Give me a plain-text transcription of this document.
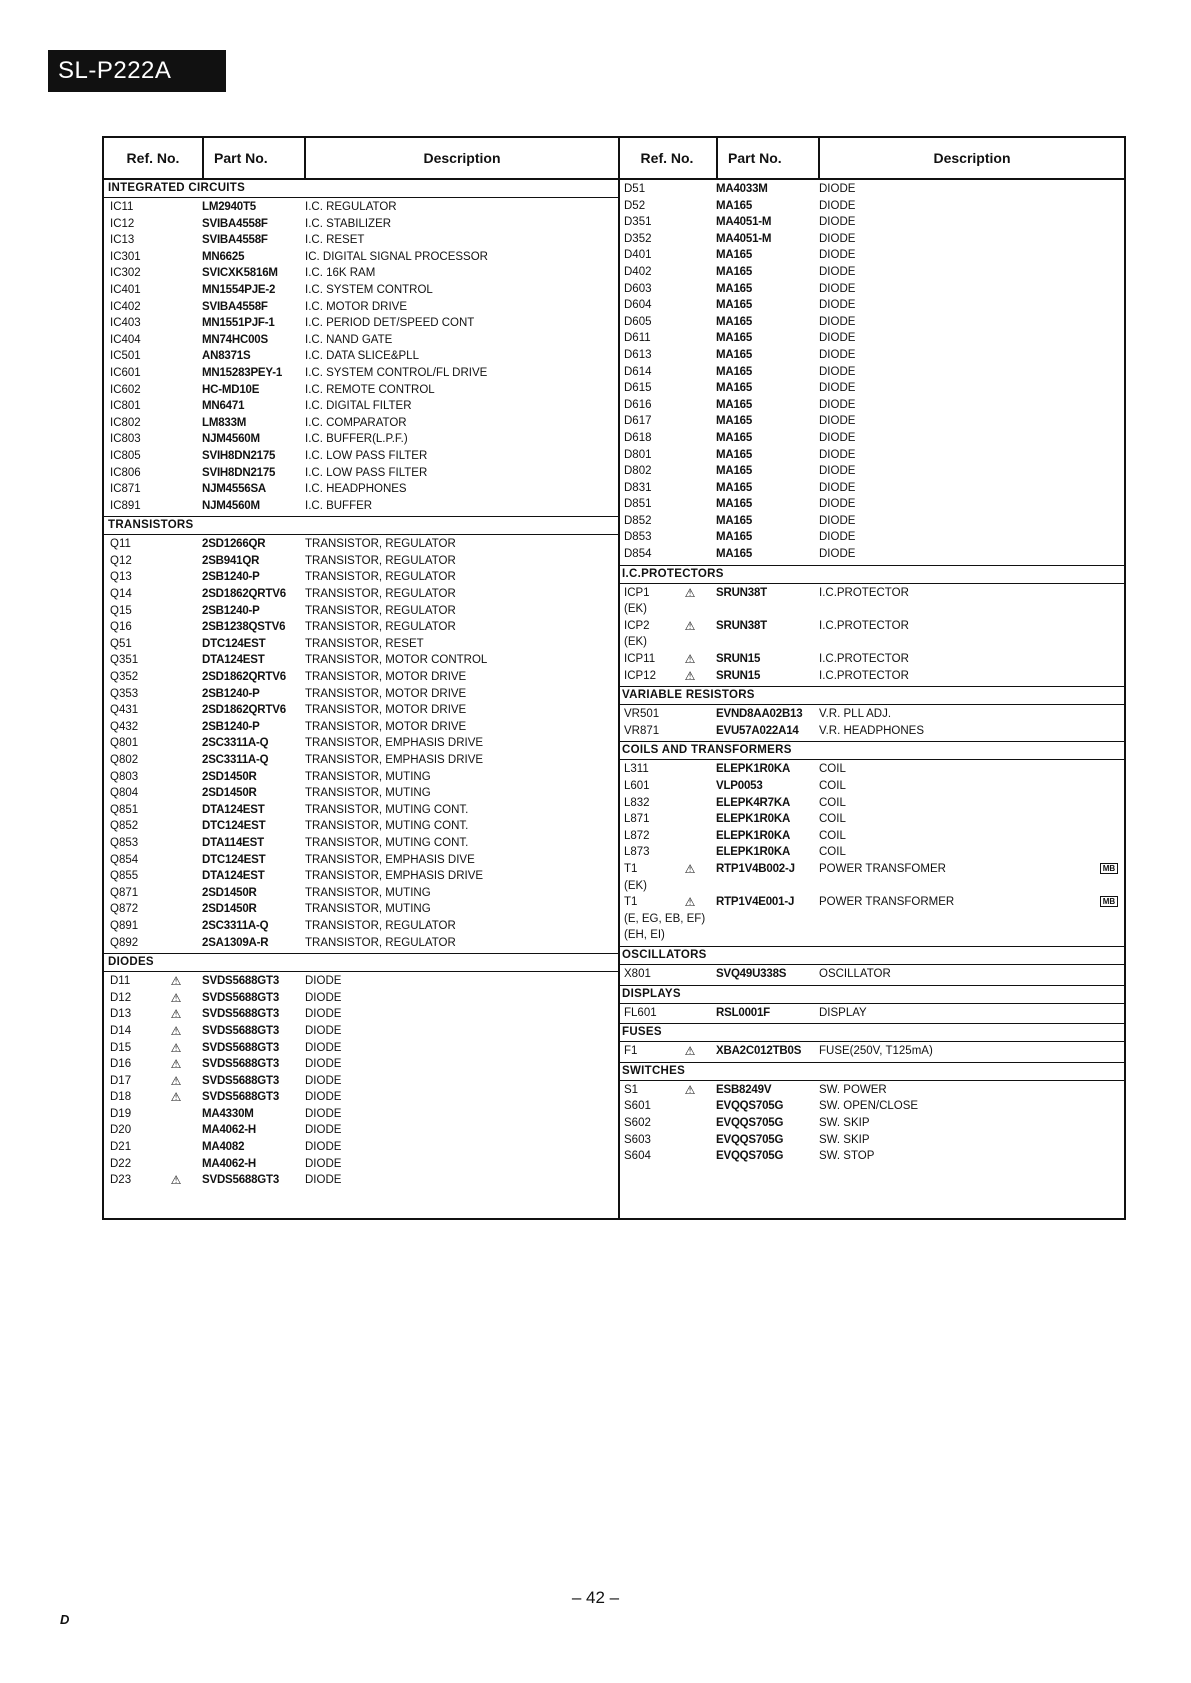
SL-P222A
Ref. No.	Part No.	Description
INTEGRATED CIRCUITS
IC11	LM2940T5	I.C. REGULATOR
IC12	SVIBA4558F	I.C. STABILIZER
IC13	SVIBA4558F	I.C. RESET
IC301	MN6625	IC. DIGITAL SIGNAL PROCESSOR
IC302	SVICXK5816M	I.C. 16K RAM
IC401	MN1554PJE-2	I.C. SYSTEM CONTROL
IC402	SVIBA4558F	I.C. MOTOR DRIVE
IC403	MN1551PJF-1	I.C. PERIOD DET/SPEED CONT
IC404	MN74HC00S	I.C. NAND GATE
IC501	AN8371S	I.C. DATA SLICE&PLL
IC601	MN15283PEY-1	I.C. SYSTEM CONTROL/FL DRIVE
IC602	HC-MD10E	I.C. REMOTE CONTROL
IC801	MN6471	I.C. DIGITAL FILTER
IC802	LM833M	I.C. COMPARATOR
IC803	NJM4560M	I.C. BUFFER(L.P.F.)
IC805	SVIH8DN2175	I.C. LOW PASS FILTER
IC806	SVIH8DN2175	I.C. LOW PASS FILTER
IC871	NJM4556SA	I.C. HEADPHONES
IC891	NJM4560M	I.C. BUFFER
TRANSISTORS
Q11	2SD1266QR	TRANSISTOR, REGULATOR
Q12	2SB941QR	TRANSISTOR, REGULATOR
Q13	2SB1240-P	TRANSISTOR, REGULATOR
Q14	2SD1862QRTV6	TRANSISTOR, REGULATOR
Q15	2SB1240-P	TRANSISTOR, REGULATOR
Q16	2SB1238QSTV6	TRANSISTOR, REGULATOR
Q51	DTC124EST	TRANSISTOR, RESET
Q351	DTA124EST	TRANSISTOR, MOTOR CONTROL
Q352	2SD1862QRTV6	TRANSISTOR, MOTOR DRIVE
Q353	2SB1240-P	TRANSISTOR, MOTOR DRIVE
Q431	2SD1862QRTV6	TRANSISTOR, MOTOR DRIVE
Q432	2SB1240-P	TRANSISTOR, MOTOR DRIVE
Q801	2SC3311A-Q	TRANSISTOR, EMPHASIS DRIVE
Q802	2SC3311A-Q	TRANSISTOR, EMPHASIS DRIVE
Q803	2SD1450R	TRANSISTOR, MUTING
Q804	2SD1450R	TRANSISTOR, MUTING
Q851	DTA124EST	TRANSISTOR, MUTING CONT.
Q852	DTC124EST	TRANSISTOR, MUTING CONT.
Q853	DTA114EST	TRANSISTOR, MUTING CONT.
Q854	DTC124EST	TRANSISTOR, EMPHASIS DIVE
Q855	DTA124EST	TRANSISTOR, EMPHASIS DRIVE
Q871	2SD1450R	TRANSISTOR, MUTING
Q872	2SD1450R	TRANSISTOR, MUTING
Q891	2SC3311A-Q	TRANSISTOR, REGULATOR
Q892	2SA1309A-R	TRANSISTOR, REGULATOR
DIODES
D11	⚠	SVDS5688GT3	DIODE
D12	⚠	SVDS5688GT3	DIODE
D13	⚠	SVDS5688GT3	DIODE
D14	⚠	SVDS5688GT3	DIODE
D15	⚠	SVDS5688GT3	DIODE
D16	⚠	SVDS5688GT3	DIODE
D17	⚠	SVDS5688GT3	DIODE
D18	⚠	SVDS5688GT3	DIODE
D19	MA4330M	DIODE
D20	MA4062-H	DIODE
D21	MA4082	DIODE
D22	MA4062-H	DIODE
D23	⚠	SVDS5688GT3	DIODE
Ref. No.	Part No.	Description
D51	MA4033M	DIODE
D52	MA165	DIODE
D351	MA4051-M	DIODE
D352	MA4051-M	DIODE
D401	MA165	DIODE
D402	MA165	DIODE
D603	MA165	DIODE
D604	MA165	DIODE
D605	MA165	DIODE
D611	MA165	DIODE
D613	MA165	DIODE
D614	MA165	DIODE
D615	MA165	DIODE
D616	MA165	DIODE
D617	MA165	DIODE
D618	MA165	DIODE
D801	MA165	DIODE
D802	MA165	DIODE
D831	MA165	DIODE
D851	MA165	DIODE
D852	MA165	DIODE
D853	MA165	DIODE
D854	MA165	DIODE
I.C.PROTECTORS
ICP1	⚠	SRUN38T	I.C.PROTECTOR
(EK)
ICP2	⚠	SRUN38T	I.C.PROTECTOR
(EK)
ICP11	⚠	SRUN15	I.C.PROTECTOR
ICP12	⚠	SRUN15	I.C.PROTECTOR
VARIABLE RESISTORS
VR501	EVND8AA02B13	V.R. PLL ADJ.
VR871	EVU57A022A14	V.R. HEADPHONES
COILS AND TRANSFORMERS
L311	ELEPK1R0KA	COIL
L601	VLP0053	COIL
L832	ELEPK4R7KA	COIL
L871	ELEPK1R0KA	COIL
L872	ELEPK1R0KA	COIL
L873	ELEPK1R0KA	COIL
T1	⚠	RTP1V4B002-J	POWER TRANSFOMER	MB
(EK)
T1	⚠	RTP1V4E001-J	POWER TRANSFORMER	MB
(E, EG, EB, EF)
(EH, EI)
OSCILLATORS
X801	SVQ49U338S	OSCILLATOR
DISPLAYS
FL601	RSL0001F	DISPLAY
FUSES
F1	⚠	XBA2C012TB0S	FUSE(250V, T125mA)
SWITCHES
S1	⚠	ESB8249V	SW. POWER
S601	EVQQS705G	SW. OPEN/CLOSE
S602	EVQQS705G	SW. SKIP
S603	EVQQS705G	SW. SKIP
S604	EVQQS705G	SW. STOP
– 42 –
D
